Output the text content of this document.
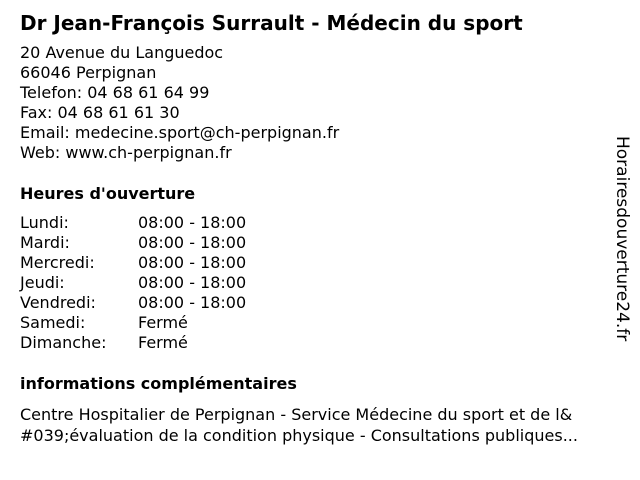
Dr Jean-François Surrault - Médecin du sport
20 Avenue du Languedoc
66046 Perpignan
Telefon: 04 68 61 64 99
Fax: 04 68 61 61 30
Email: medecine.sport@ch-perpignan.fr
Web: www.ch-perpignan.fr
Heures d'ouverture
Lundi:	08:00 - 18:00
Mardi:	08:00 - 18:00
Mercredi:	08:00 - 18:00
Jeudi:	08:00 - 18:00
Vendredi:	08:00 - 18:00
Samedi:	Fermé
Dimanche: Fermé
informations complémentaires
Centre Hospitalier de Perpignan - Service Médecine du sport et de l&
#039;évaluation de la condition physique - Consultations publiques...
Horairesdouverture24.fr
